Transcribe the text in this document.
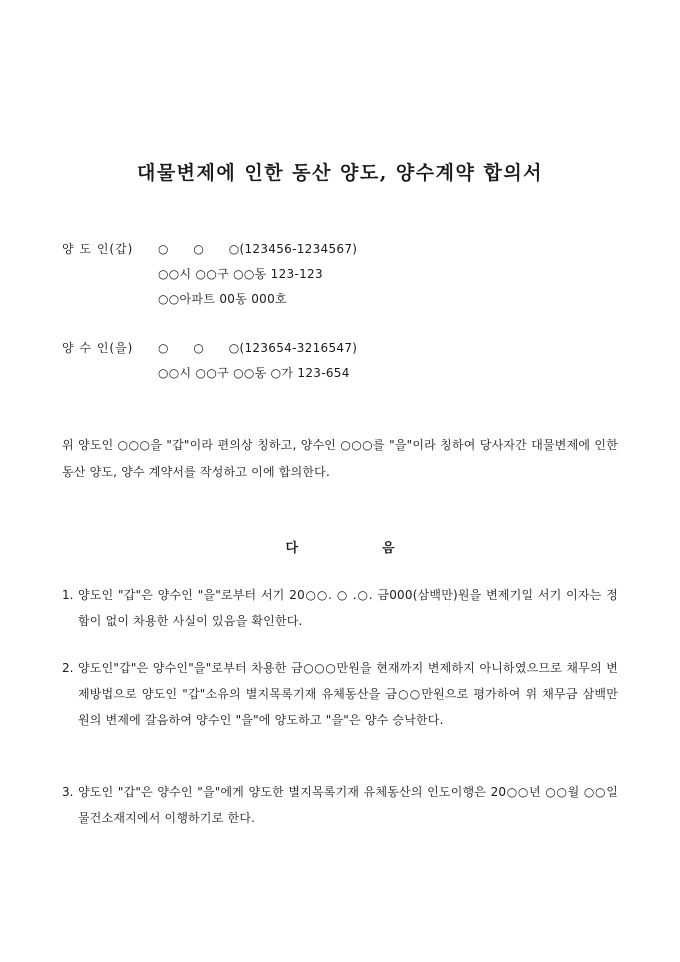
대물변제에 인한 동산 양도, 양수계약 합의서
양 도 인(갑)	○　　○　　○(123456-1234567)
○○시 ○○구 ○○동 123-123
○○아파트 00동 000호
양 수 인(을)	○　　○　　○(123654-3216547)
○○시 ○○구 ○○동 ○가 123-654
위 양도인 ○○○을 "갑"이라 편의상 칭하고, 양수인 ○○○를 "을"이라 칭하여 당사자간 대물변제에 인한 동산 양도, 양수 계약서를 작성하고 이에 합의한다.
다	음
1. 양도인 "갑"은 양수인 "을"로부터 서기 20○○. ○ .○. 금000(삼백만)원을 변제기일 서기 이자는 정함이 없이 차용한 사실이 있음을 확인한다.
2. 양도인"갑"은 양수인"을"로부터 차용한 금○○○만원을 현재까지 변제하지 아니하였으므로 채무의 변제방법으로 양도인 "갑"소유의 별지목록기재 유체동산을 금○○만원으로 평가하여 위 채무금 삼백만원의 변제에 갈음하여 양수인 "을"에 양도하고 "을"은 양수 승낙한다.
3. 양도인 "갑"은 양수인 "을"에게 양도한 별지목록기재 유체동산의 인도이행은 20○○년 ○○월 ○○일 물건소재지에서 이행하기로 한다.
